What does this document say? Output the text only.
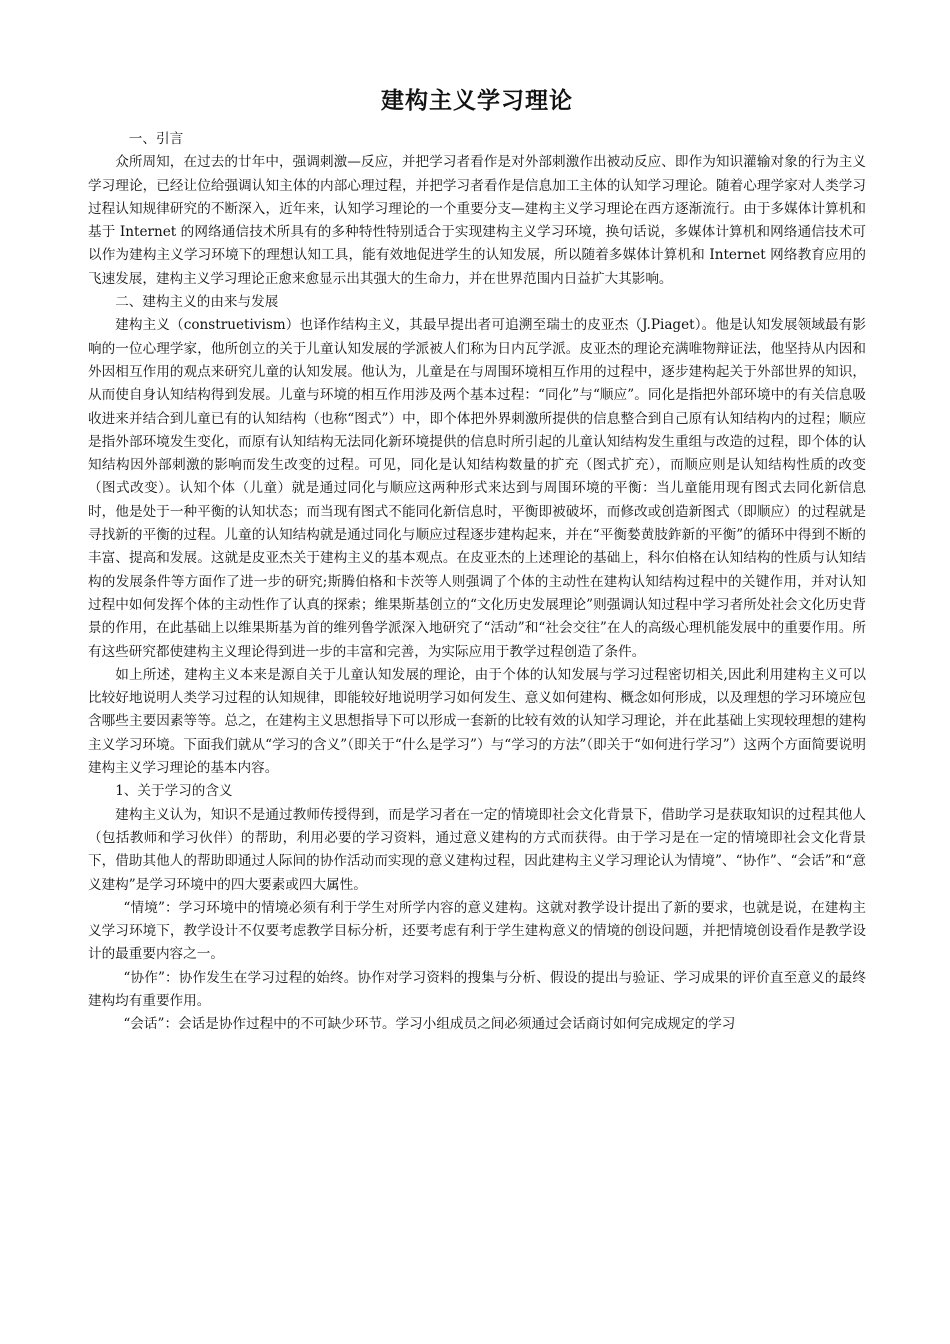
建构主义学习理论

一、引言

众所周知，在过去的廿年中，强调刺激—反应，并把学习者看作是对外部刺激作出被动反应、即作为知识灌输对象的行为主义学习理论，已经让位给强调认知主体的内部心理过程，并把学习者看作是信息加工主体的认知学习理论。随着心理学家对人类学习过程认知规律研究的不断深入，近年来，认知学习理论的一个重要分支—建构主义学习理论在西方逐渐流行。由于多媒体计算机和基于 Internet 的网络通信技术所具有的多种特性特别适合于实现建构主义学习环境，换句话说，多媒体计算机和网络通信技术可以作为建构主义学习环境下的理想认知工具，能有效地促进学生的认知发展，所以随着多媒体计算机和 Internet 网络教育应用的飞速发展，建构主义学习理论正愈来愈显示出其强大的生命力，并在世界范围内日益扩大其影响。

二、建构主义的由来与发展

建构主义（construetivism）也译作结构主义，其最早提出者可追溯至瑞士的皮亚杰（J.Piaget）。他是认知发展领域最有影响的一位心理学家，他所创立的关于儿童认知发展的学派被人们称为日内瓦学派。皮亚杰的理论充满唯物辩证法，他坚持从内因和外因相互作用的观点来研究儿童的认知发展。他认为，儿童是在与周围环境相互作用的过程中，逐步建构起关于外部世界的知识，从而使自身认知结构得到发展。儿童与环境的相互作用涉及两个基本过程：“同化”与“顺应”。同化是指把外部环境中的有关信息吸收进来并结合到儿童已有的认知结构（也称“图式”）中，即个体把外界刺激所提供的信息整合到自己原有认知结构内的过程；顺应是指外部环境发生变化，而原有认知结构无法同化新环境提供的信息时所引起的儿童认知结构发生重组与改造的过程，即个体的认知结构因外部刺激的影响而发生改变的过程。可见，同化是认知结构数量的扩充（图式扩充），而顺应则是认知结构性质的改变（图式改变）。认知个体（儿童）就是通过同化与顺应这两种形式来达到与周围环境的平衡：当儿童能用现有图式去同化新信息时，他是处于一种平衡的认知状态；而当现有图式不能同化新信息时，平衡即被破坏，而修改或创造新图式（即顺应）的过程就是寻找新的平衡的过程。儿童的认知结构就是通过同化与顺应过程逐步建构起来，并在“平衡媝黄肢鈼新的平衡”的循环中得到不断的丰富、提高和发展。这就是皮亚杰关于建构主义的基本观点。在皮亚杰的上述理论的基础上，科尔伯格在认知结构的性质与认知结构的发展条件等方面作了进一步的研究;斯腾伯格和卡茨等人则强调了个体的主动性在建构认知结构过程中的关键作用，并对认知过程中如何发挥个体的主动性作了认真的探索；维果斯基创立的“文化历史发展理论”则强调认知过程中学习者所处社会文化历史背景的作用，在此基础上以维果斯基为首的维列鲁学派深入地研究了“活动”和“社会交往”在人的高级心理机能发展中的重要作用。所有这些研究都使建构主义理论得到进一步的丰富和完善，为实际应用于教学过程创造了条件。

如上所述，建构主义本来是源自关于儿童认知发展的理论，由于个体的认知发展与学习过程密切相关,因此利用建构主义可以比较好地说明人类学习过程的认知规律，即能较好地说明学习如何发生、意义如何建构、概念如何形成，以及理想的学习环境应包含哪些主要因素等等。总之，在建构主义思想指导下可以形成一套新的比较有效的认知学习理论，并在此基础上实现较理想的建构主义学习环境。下面我们就从“学习的含义”（即关于“什么是学习”）与“学习的方法”（即关于“如何进行学习”）这两个方面简要说明建构主义学习理论的基本内容。

1、关于学习的含义

建构主义认为，知识不是通过教师传授得到，而是学习者在一定的情境即社会文化背景下，借助学习是获取知识的过程其他人（包括教师和学习伙伴）的帮助，利用必要的学习资料，通过意义建构的方式而获得。由于学习是在一定的情境即社会文化背景下，借助其他人的帮助即通过人际间的协作活动而实现的意义建构过程，因此建构主义学习理论认为情境”、“协作”、“会话”和“意义建构”是学习环境中的四大要素或四大属性。

“情境”：学习环境中的情境必须有利于学生对所学内容的意义建构。这就对教学设计提出了新的要求，也就是说，在建构主义学习环境下，教学设计不仅要考虑教学目标分析，还要考虑有利于学生建构意义的情境的创设问题，并把情境创设看作是教学设计的最重要内容之一。

“协作”：协作发生在学习过程的始终。协作对学习资料的搜集与分析、假设的提出与验证、学习成果的评价直至意义的最终建构均有重要作用。

“会话”：会话是协作过程中的不可缺少环节。学习小组成员之间必须通过会话商讨如何完成规定的学习
